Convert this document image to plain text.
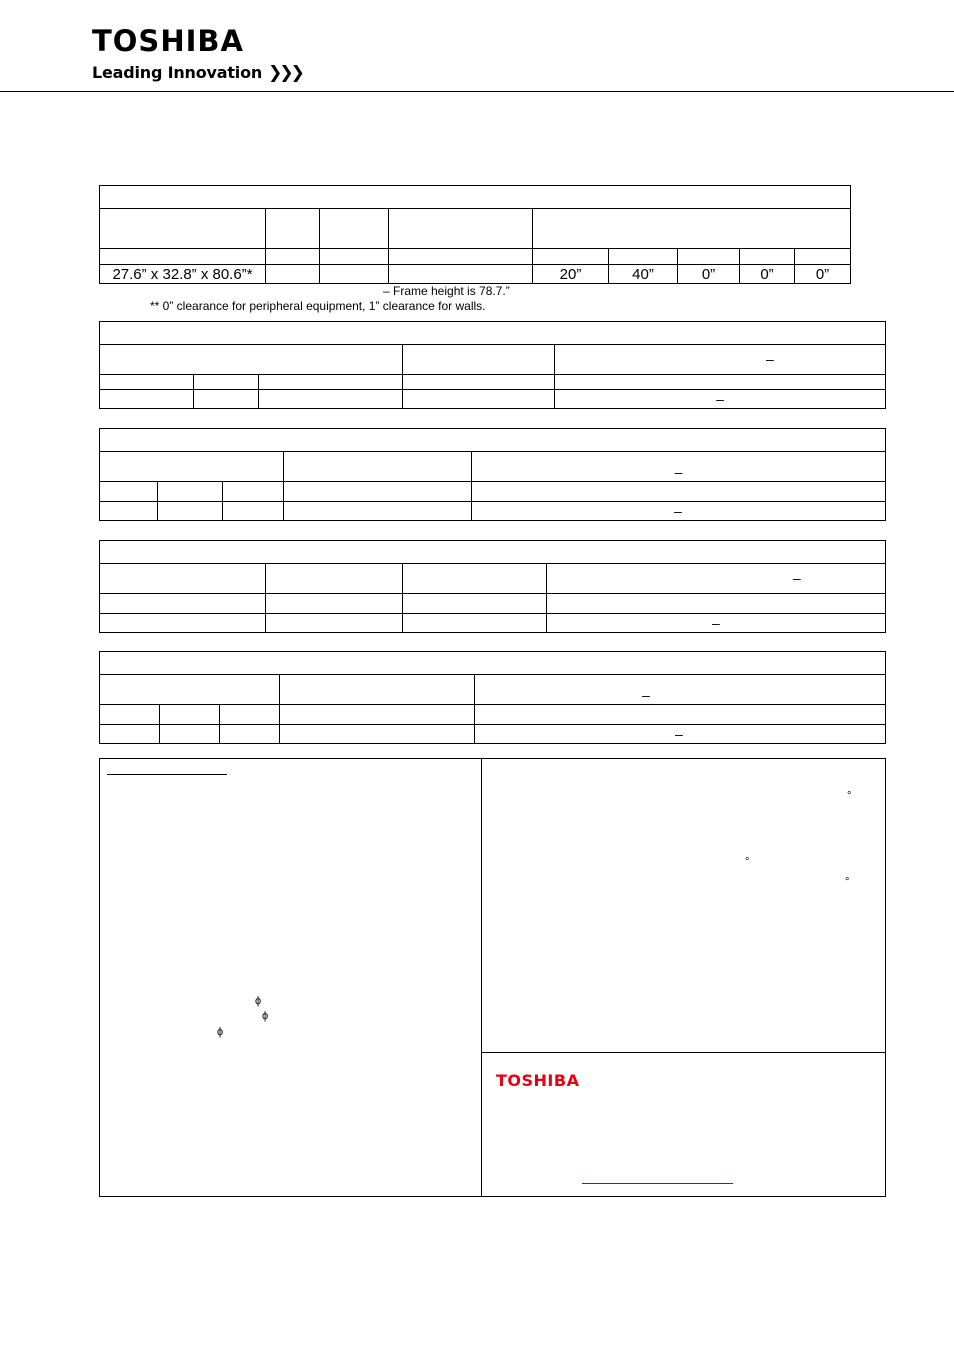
TOSHIBA
Leading Innovation ❯❯❯

27.6” x 32.8” x 80.6”*				20”	40”	0”	0”	0”
– Frame height is 78.7.”
** 0” clearance for peripheral equipment, 1” clearance for walls.

				–

				–

				–

				–

			–

			–

				–

				–
ϕ
ϕ
ϕ
°
°
°
TOSHIBA
